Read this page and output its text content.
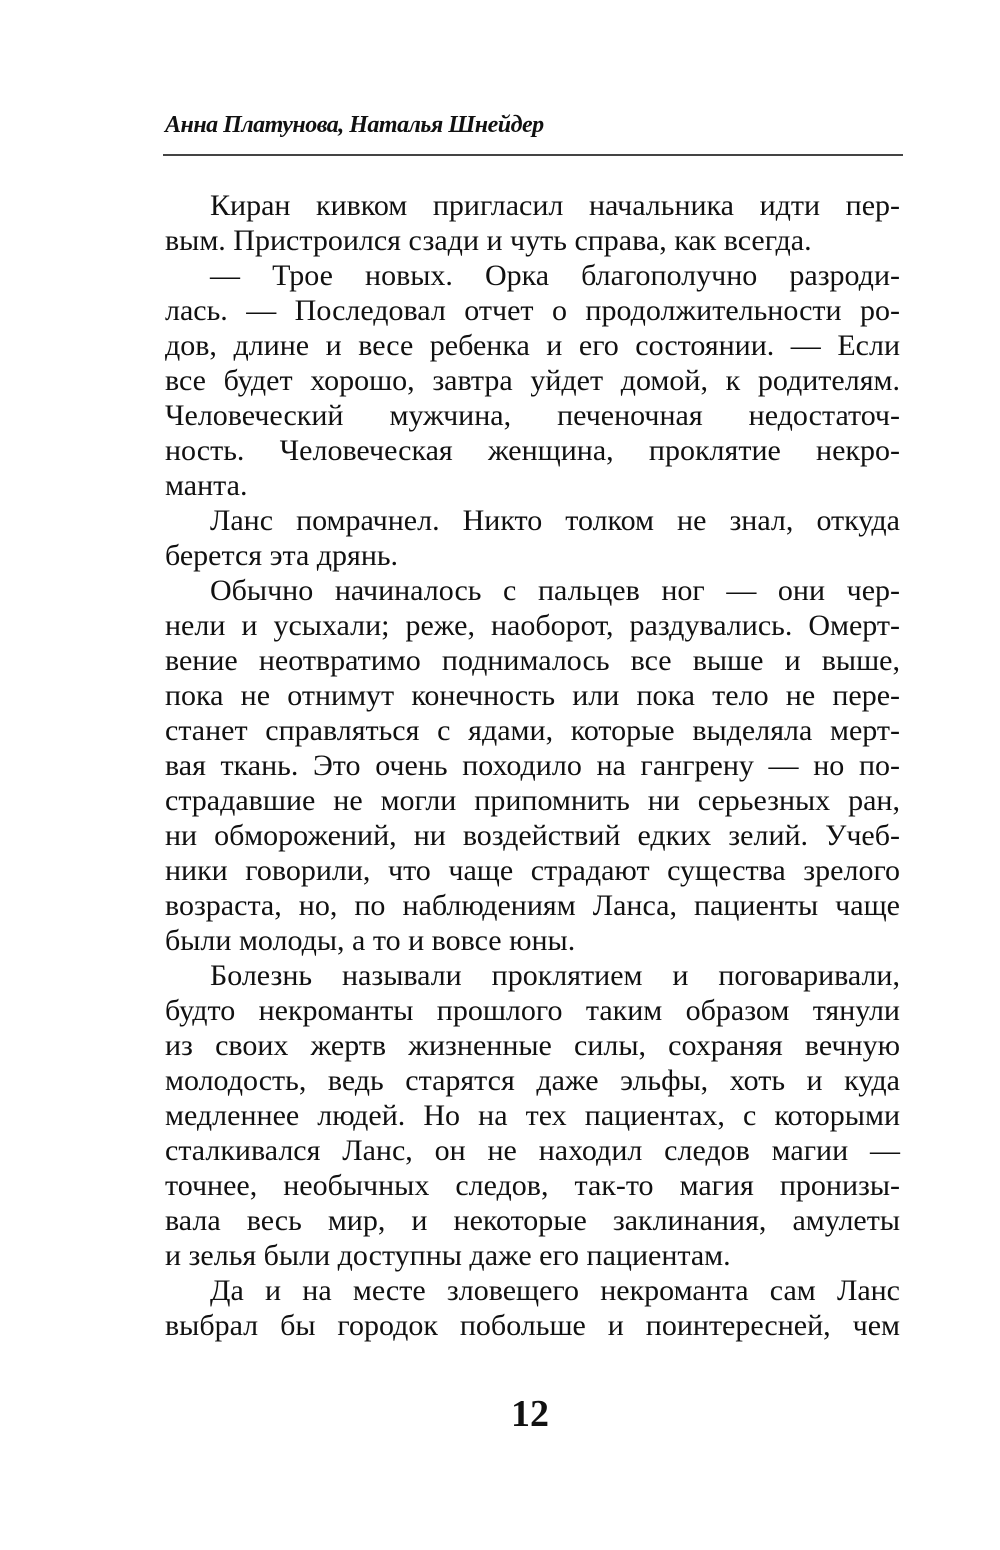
Анна Платунова, Наталья Шнейдер
Киран кивком пригласил начальника идти пер-
вым. Пристроился сзади и чуть справа, как всегда.
— Трое новых. Орка благополучно разроди-
лась. — Последовал отчет о продолжительности ро-
дов, длине и весе ребенка и его состоянии. — Если
все будет хорошо, завтра уйдет домой, к родителям.
Человеческий мужчина, печеночная недостаточ-
ность. Человеческая женщина, проклятие некро-
манта.
Ланс помрачнел. Никто толком не знал, откуда
берется эта дрянь.
Обычно начиналось с пальцев ног — они чер-
нели и усыхали; реже, наоборот, раздувались. Омерт-
вение неотвратимо поднималось все выше и выше,
пока не отнимут конечность или пока тело не пере-
станет справляться с ядами, которые выделяла мерт-
вая ткань. Это очень походило на гангрену — но по-
страдавшие не могли припомнить ни серьезных ран,
ни обморожений, ни воздействий едких зелий. Учеб-
ники говорили, что чаще страдают существа зрелого
возраста, но, по наблюдениям Ланса, пациенты чаще
были молоды, а то и вовсе юны.
Болезнь называли проклятием и поговаривали,
будто некроманты прошлого таким образом тянули
из своих жертв жизненные силы, сохраняя вечную
молодость, ведь старятся даже эльфы, хоть и куда
медленнее людей. Но на тех пациентах, с которыми
сталкивался Ланс, он не находил следов магии —
точнее, необычных следов, так-то магия пронизы-
вала весь мир, и некоторые заклинания, амулеты
и зелья были доступны даже его пациентам.
Да и на месте зловещего некроманта сам Ланс
выбрал бы городок побольше и поинтересней, чем
12
